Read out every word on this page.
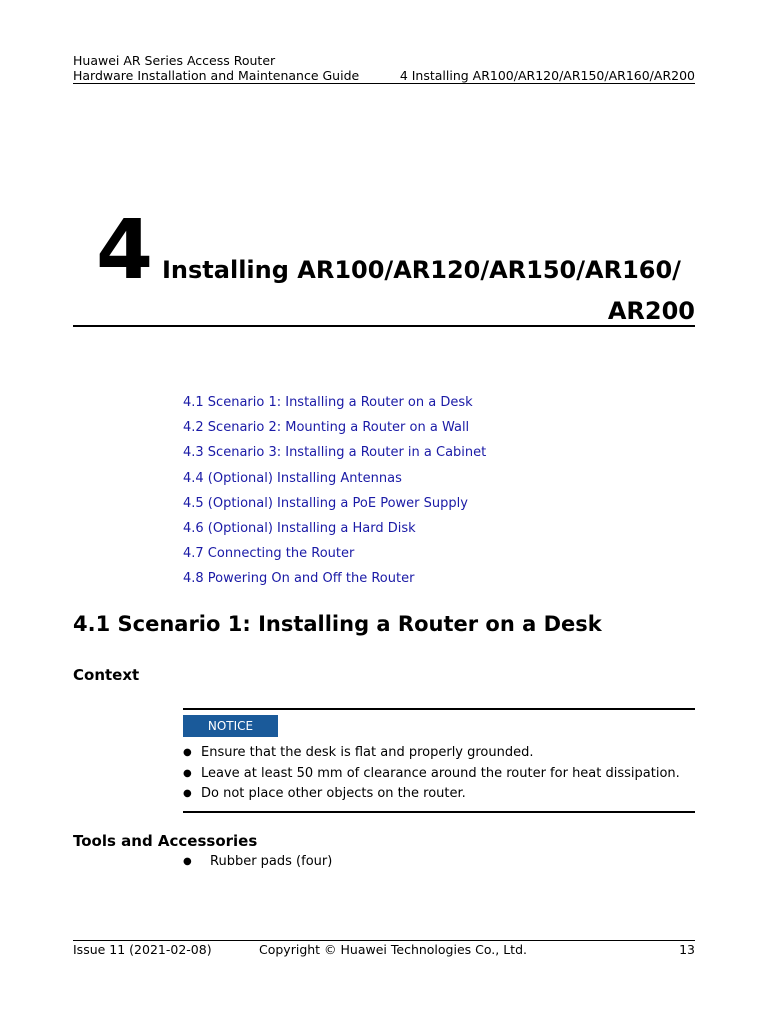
Huawei AR Series Access Router
Hardware Installation and Maintenance Guide	4 Installing AR100/AR120/AR150/AR160/AR200
4 Installing AR100/AR120/AR150/AR160/
AR200
4.1 Scenario 1: Installing a Router on a Desk
4.2 Scenario 2: Mounting a Router on a Wall
4.3 Scenario 3: Installing a Router in a Cabinet
4.4 (Optional) Installing Antennas
4.5 (Optional) Installing a PoE Power Supply
4.6 (Optional) Installing a Hard Disk
4.7 Connecting the Router
4.8 Powering On and Off the Router
4.1 Scenario 1: Installing a Router on a Desk
Context
NOTICE
● Ensure that the desk is flat and properly grounded.
● Leave at least 50 mm of clearance around the router for heat dissipation.
● Do not place other objects on the router.
Tools and Accessories
●	Rubber pads (four)
Issue 11 (2021-02-08)	Copyright © Huawei Technologies Co., Ltd.	13
